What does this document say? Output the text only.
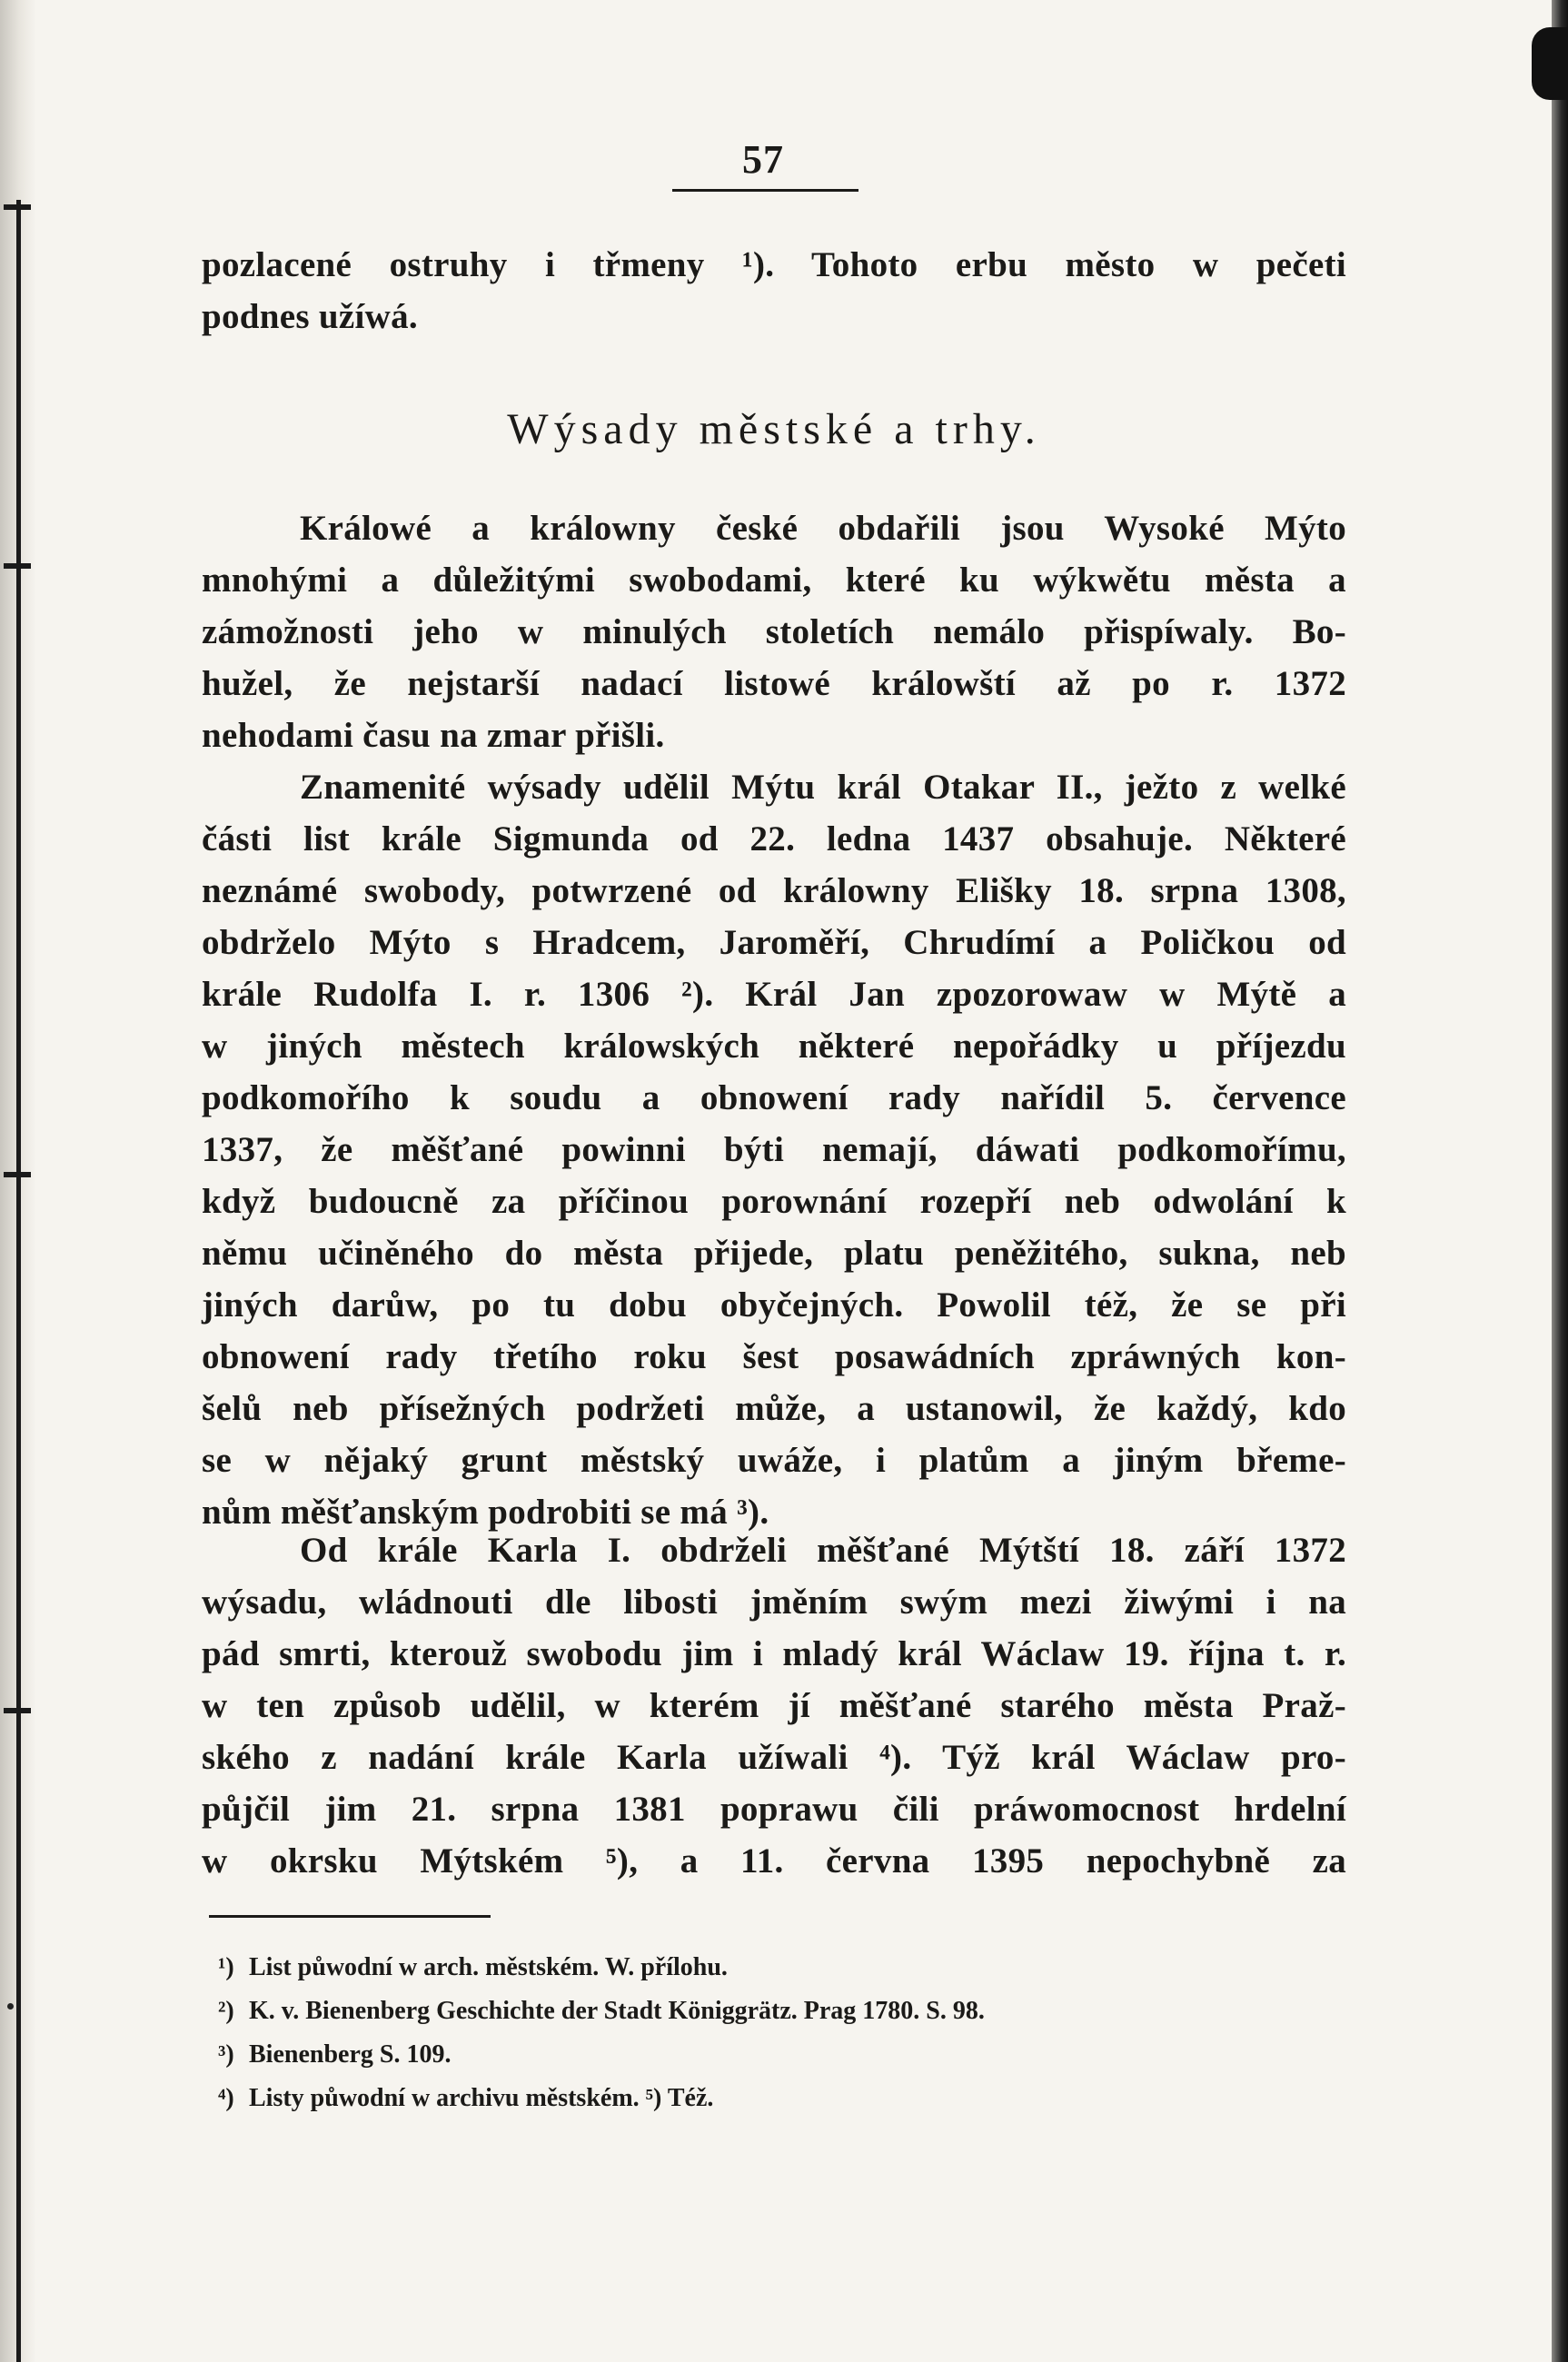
57
pozlacené ostruhy i třmeny ¹). Tohoto erbu město w pečeti
podnes užíwá.
Wýsady městské a trhy.
Králowé a králowny české obdařili jsou Wysoké Mýto
mnohými a důležitými swobodami, které ku wýkwětu města a
zámožnosti jeho w minulých stoletích nemálo přispíwaly. Bo-
hužel, že nejstarší nadací listowé králowští až po r. 1372
nehodami času na zmar přišli.
Znamenité wýsady udělil Mýtu král Otakar II., ježto z welké
části list krále Sigmunda od 22. ledna 1437 obsahuje. Některé
neznámé swobody, potwrzené od králowny Elišky 18. srpna 1308,
obdrželo Mýto s Hradcem, Jaroměří, Chrudímí a Poličkou od
krále Rudolfa I. r. 1306 ²). Král Jan zpozorowaw w Mýtě a
w jiných městech králowských některé nepořádky u příjezdu
podkomořího k soudu a obnowení rady nařídil 5. července
1337, že měšťané powinni býti nemají, dáwati podkomořímu,
když budoucně za příčinou porownání rozepří neb odwolání k
němu učiněného do města přijede, platu peněžitého, sukna, neb
jiných darůw, po tu dobu obyčejných. Powolil též, že se při
obnowení rady třetího roku šest posawádních zpráwných kon-
šelů neb přísežných podržeti může, a ustanowil, že každý, kdo
se w nějaký grunt městský uwáže, i platům a jiným břeme-
nům měšťanským podrobiti se má ³).
Od krále Karla I. obdrželi měšťané Mýtští 18. září 1372
wýsadu, wládnouti dle libosti jměním swým mezi žiwými i na
pád smrti, kterouž swobodu jim i mladý král Wáclaw 19. října t. r.
w ten způsob udělil, w kterém jí měšťané starého města Praž-
ského z nadání krále Karla užíwali ⁴). Týž král Wáclaw pro-
půjčil jim 21. srpna 1381 poprawu čili práwomocnost hrdelní
w okrsku Mýtském ⁵), a 11. červnа 1395 nepochybně za
¹) List půwodní w arch. městském. W. přílohu.
²) K. v. Bienenberg Geschichte der Stadt Königgrätz. Prag 1780. S. 98.
³) Bienenberg S. 109.
⁴) Listy půwodní w archivu městském. ⁵) Též.
